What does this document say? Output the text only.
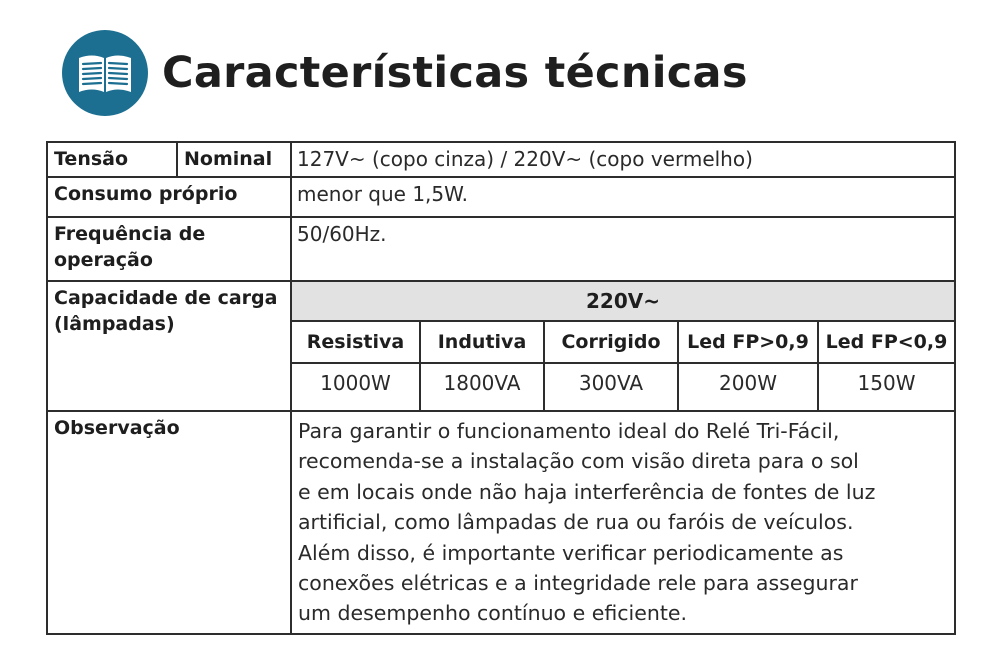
Características técnicas
Tensão	Nominal	127V~ (copo cinza) / 220V~ (copo vermelho)
Consumo próprio	menor que 1,5W.
Frequência de operação	50/60Hz.
Capacidade de carga (lâmpadas)	
220V~
Resistiva	Indutiva	Corrigido	Led FP>0,9	Led FP<0,9
1000W	1800VA	300VA	200W	150W

Observação	Para garantir o funcionamento ideal do Relé Tri-Fácil,
recomenda-se a instalação com visão direta para o sol
e em locais onde não haja interferência de fontes de luz
artificial, como lâmpadas de rua ou faróis de veículos.
Além disso, é importante verificar periodicamente as
conexões elétricas e a integridade rele para assegurar
um desempenho contínuo e eficiente.
